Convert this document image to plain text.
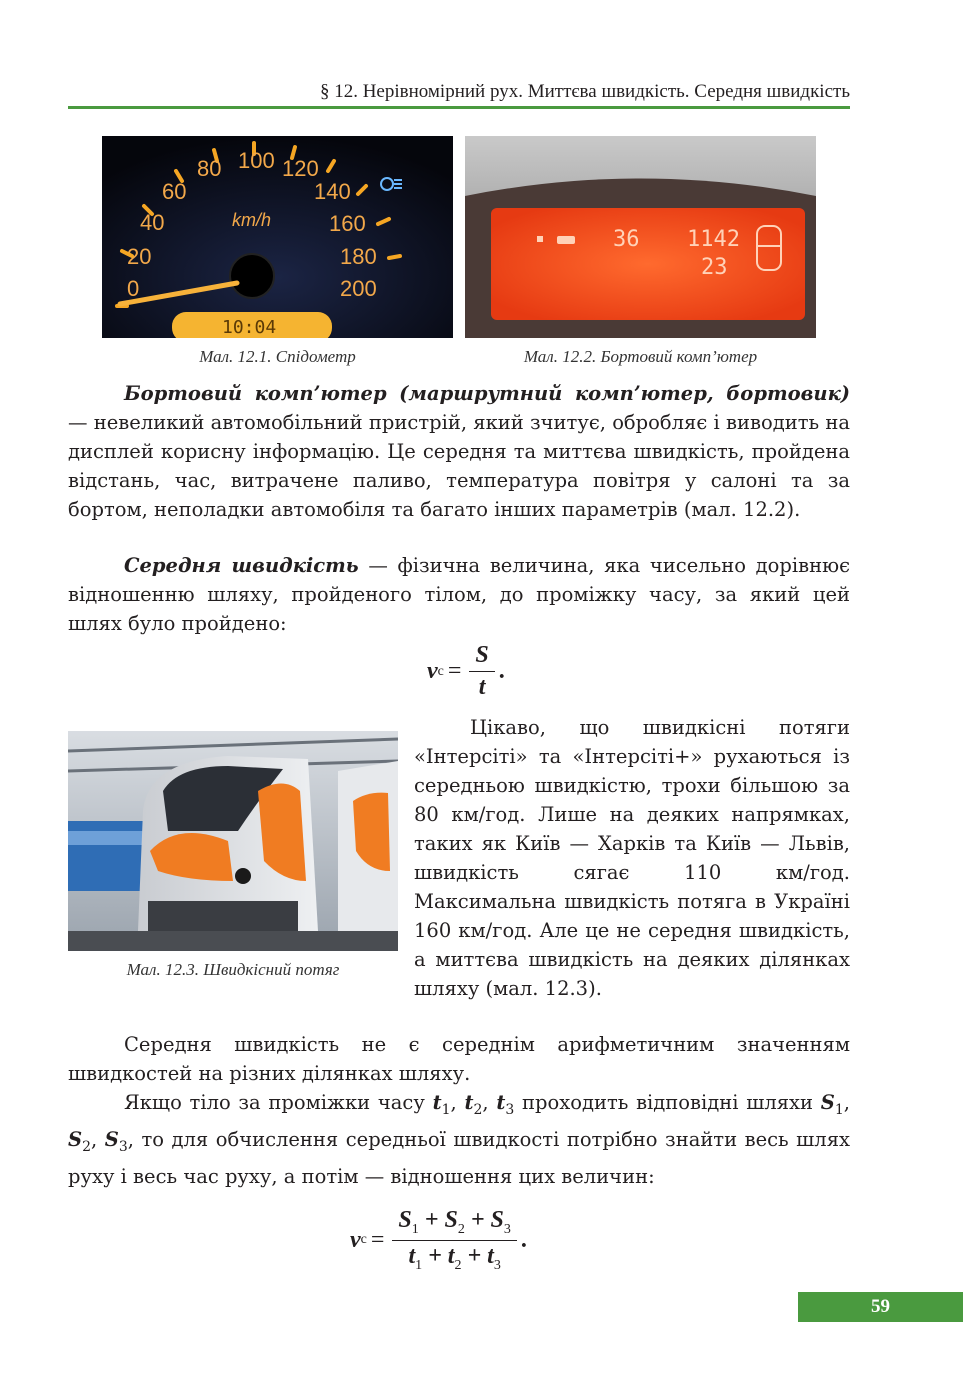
§ 12. Нерівномірний рух. Миттєва швидкість. Середня швидкість
0
20
40
60
80 100 120
140
160
180
200
km/h
10:04
Мал. 12.1. Спідометр
36 1142
23
Мал. 12.2. Бортовий комп’ютер

Бортовий комп’ютер (маршрутний комп’ютер, бортовик) — невеликий автомобільний пристрій, який зчитує, обробляє і виводить на дисплей корисну інформацію. Це середня та миттєва швидкість, пройдена відстань, час, витрачене паливо, температура повітря у салоні та за бортом, неполадки автомобіля та багато інших параметрів (мал. 12.2).

Середня швидкість — фізична величина, яка чисельно дорівнює відношенню шляху, пройденого тілом, до проміжку часу, за який цей шлях було пройдено:

v $c = \frac{S}{t}$ .
Мал. 12.3. Швидкісний потяг

Цікаво, що швидкісні потяги «Інтерсіті» та «Інтерсіті+» рухаються із середньою швидкістю, трохи більшою за 80 км/год. Лише на деяких напрямках, таких як Київ — Харків та Київ — Львів, швидкість сягає 110 км/год. Максимальна швидкість потяга в Україні 160 км/год. Але це не середня швидкість, а миттєва швидкість на деяких ділянках шляху (мал. 12.3).

Середня швидкість не є середнім арифметичним значенням швидкостей на різних ділянках шляху.

Якщо тіло за проміжки часу $t_1$, $t_2$, $t_3$ проходить відповідні шляхи $S_1$, $S_2$, $S_3$, то для обчислення середньої швидкості потрібно знайти весь шлях руху і весь час руху, а потім — відношення цих величин:

v $c = \frac{S_1 + S_2 + S_3}{t_1 + t_2 + t_3}$ .
59
